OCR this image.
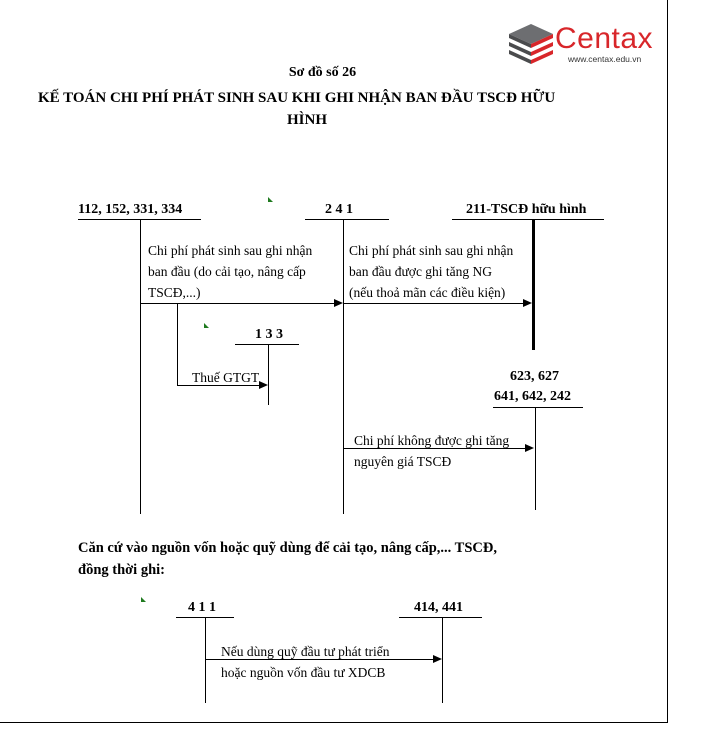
Centax
www.centax.edu.vn
Sơ đồ số 26
KẾ TOÁN CHI PHÍ PHÁT SINH SAU KHI GHI NHẬN BAN ĐẦU TSCĐ HỮU
HÌNH
112, 152, 331, 334	2 4 1	211-TSCĐ hữu hình
Chi phí phát sinh sau ghi nhận
ban đầu (do cải tạo, nâng cấp
TSCĐ,...)
Chi phí phát sinh sau ghi nhận
ban đầu được ghi tăng NG
(nếu thoả mãn các điều kiện)
1 3 3
Thuế GTGT	623, 627
641, 642, 242
Chi phí không được ghi tăng
nguyên giá TSCĐ
Căn cứ vào nguồn vốn hoặc quỹ dùng để cải tạo, nâng cấp,... TSCĐ,
đồng thời ghi:
4 1 1	414, 441
Nếu dùng quỹ đầu tư phát triển
hoặc nguồn vốn đầu tư XDCB
